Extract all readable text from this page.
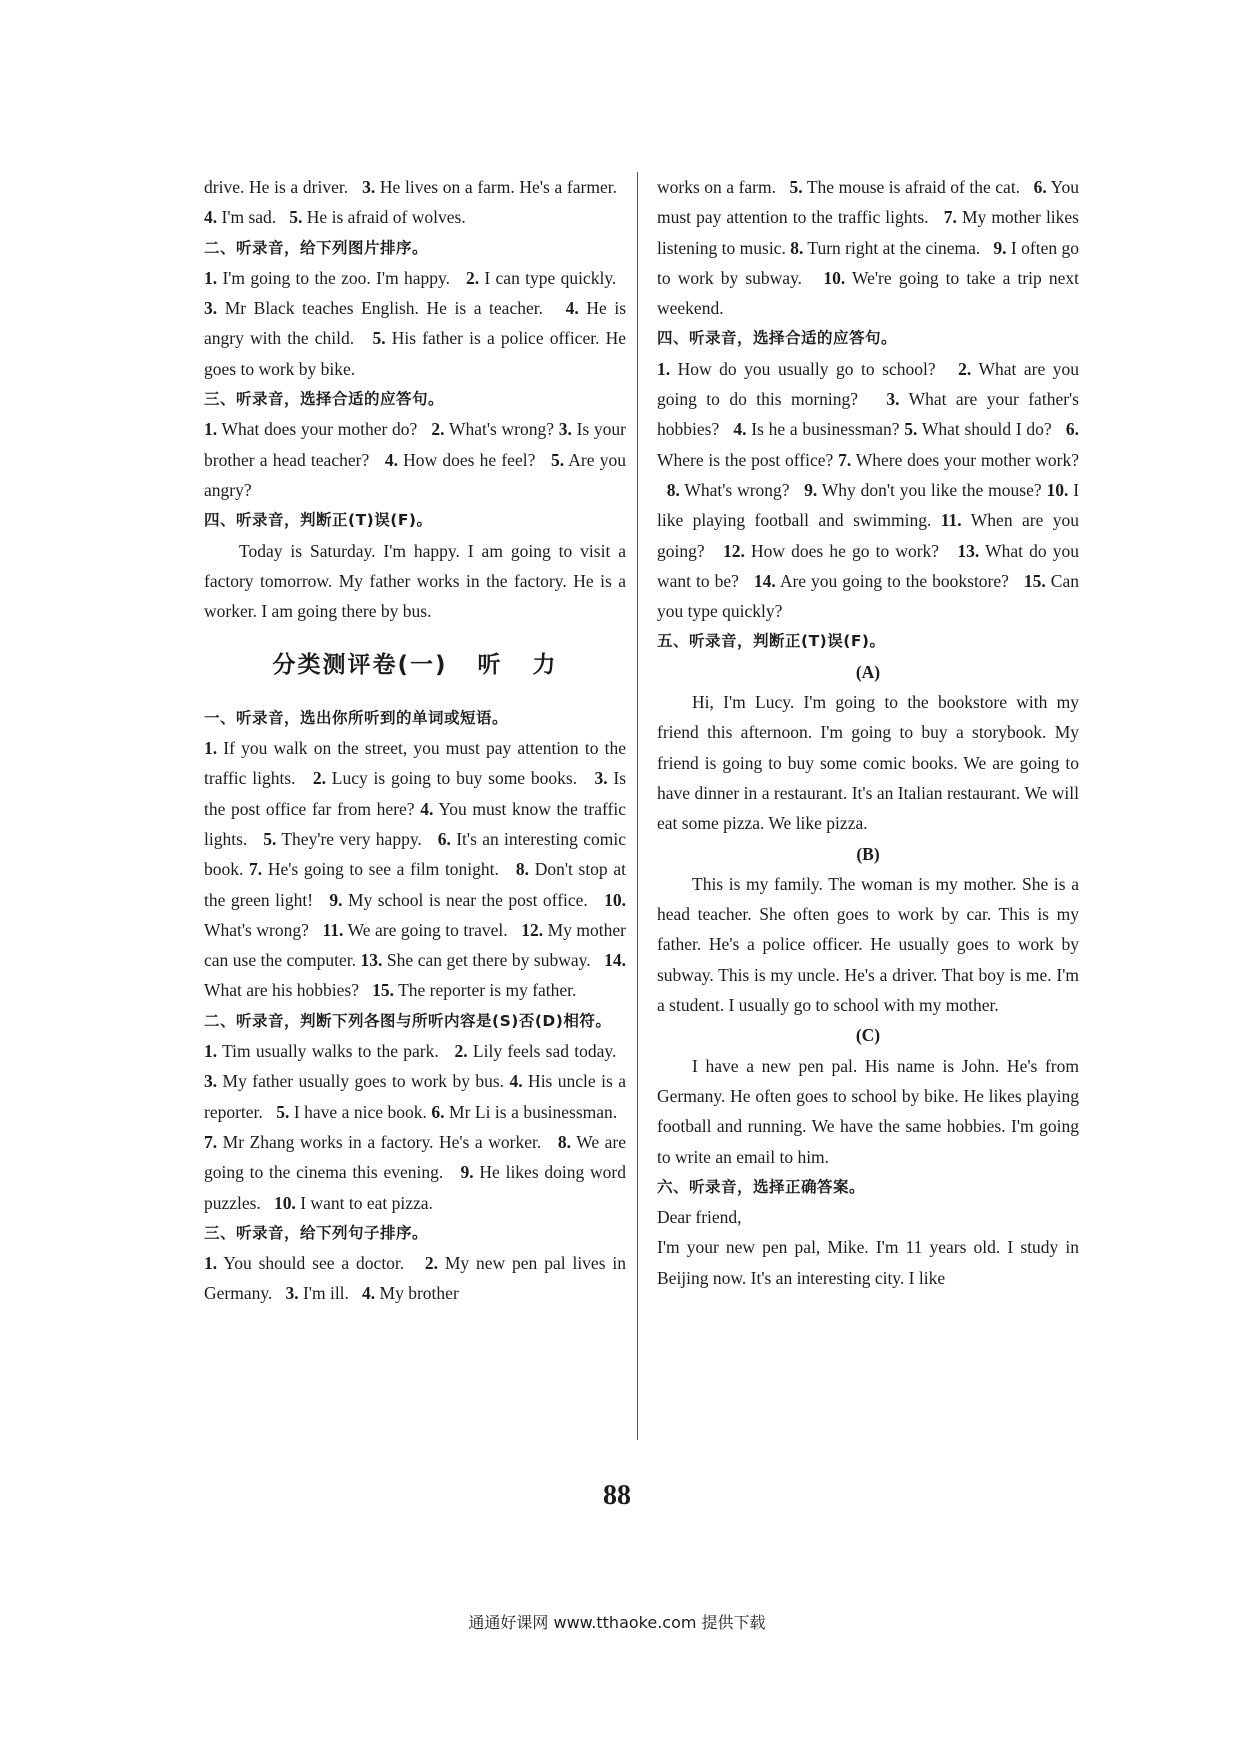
drive. He is a driver.   3. He lives on a farm. He's a farmer.   4. I'm sad.   5. He is afraid of wolves.

二、听录音，给下列图片排序。

1. I'm going to the zoo. I'm happy.   2. I can type quickly.   3. Mr Black teaches English. He is a teacher.   4. He is angry with the child.   5. His father is a police officer. He goes to work by bike.

三、听录音，选择合适的应答句。

1. What does your mother do?   2. What's wrong? 3. Is your brother a head teacher?   4. How does he feel?   5. Are you angry?

四、听录音，判断正(T)误(F)。

Today is Saturday. I'm happy. I am going to visit a factory tomorrow. My father works in the factory. He is a worker. I am going there by bus.

分类测评卷(一)   听   力

一、听录音，选出你所听到的单词或短语。

1. If you walk on the street, you must pay attention to the traffic lights.   2. Lucy is going to buy some books.   3. Is the post office far from here? 4. You must know the traffic lights.   5. They're very happy.   6. It's an interesting comic book. 7. He's going to see a film tonight.   8. Don't stop at the green light!   9. My school is near the post office.   10. What's wrong?   11. We are going to travel.   12. My mother can use the computer. 13. She can get there by subway.   14. What are his hobbies?   15. The reporter is my father.

二、听录音，判断下列各图与所听内容是(S)否(D)相符。

1. Tim usually walks to the park.   2. Lily feels sad today.   3. My father usually goes to work by bus. 4. His uncle is a reporter.   5. I have a nice book. 6. Mr Li is a businessman.   7. Mr Zhang works in a factory. He's a worker.   8. We are going to the cinema this evening.   9. He likes doing word puzzles.   10. I want to eat pizza.

三、听录音，给下列句子排序。

1. You should see a doctor.   2. My new pen pal lives in Germany.   3. I'm ill.   4. My brother

works on a farm.   5. The mouse is afraid of the cat.   6. You must pay attention to the traffic lights.   7. My mother likes listening to music. 8. Turn right at the cinema.   9. I often go to work by subway.   10. We're going to take a trip next weekend.

四、听录音，选择合适的应答句。

1. How do you usually go to school?   2. What are you going to do this morning?   3. What are your father's hobbies?   4. Is he a businessman? 5. What should I do?   6. Where is the post office? 7. Where does your mother work?   8. What's wrong?   9. Why don't you like the mouse? 10. I like playing football and swimming. 11. When are you going?   12. How does he go to work?   13. What do you want to be?   14. Are you going to the bookstore?   15. Can you type quickly?

五、听录音，判断正(T)误(F)。

(A)

Hi, I'm Lucy. I'm going to the bookstore with my friend this afternoon. I'm going to buy a storybook. My friend is going to buy some comic books. We are going to have dinner in a restaurant. It's an Italian restaurant. We will eat some pizza. We like pizza.

(B)

This is my family. The woman is my mother. She is a head teacher. She often goes to work by car. This is my father. He's a police officer. He usually goes to work by subway. This is my uncle. He's a driver. That boy is me. I'm a student. I usually go to school with my mother.

(C)

I have a new pen pal. His name is John. He's from Germany. He often goes to school by bike. He likes playing football and running. We have the same hobbies. I'm going to write an email to him.

六、听录音，选择正确答案。

Dear friend,

I'm your new pen pal, Mike. I'm 11 years old. I study in Beijing now. It's an interesting city. I like

88
通通好课网 www.tthaoke.com 提供下载
